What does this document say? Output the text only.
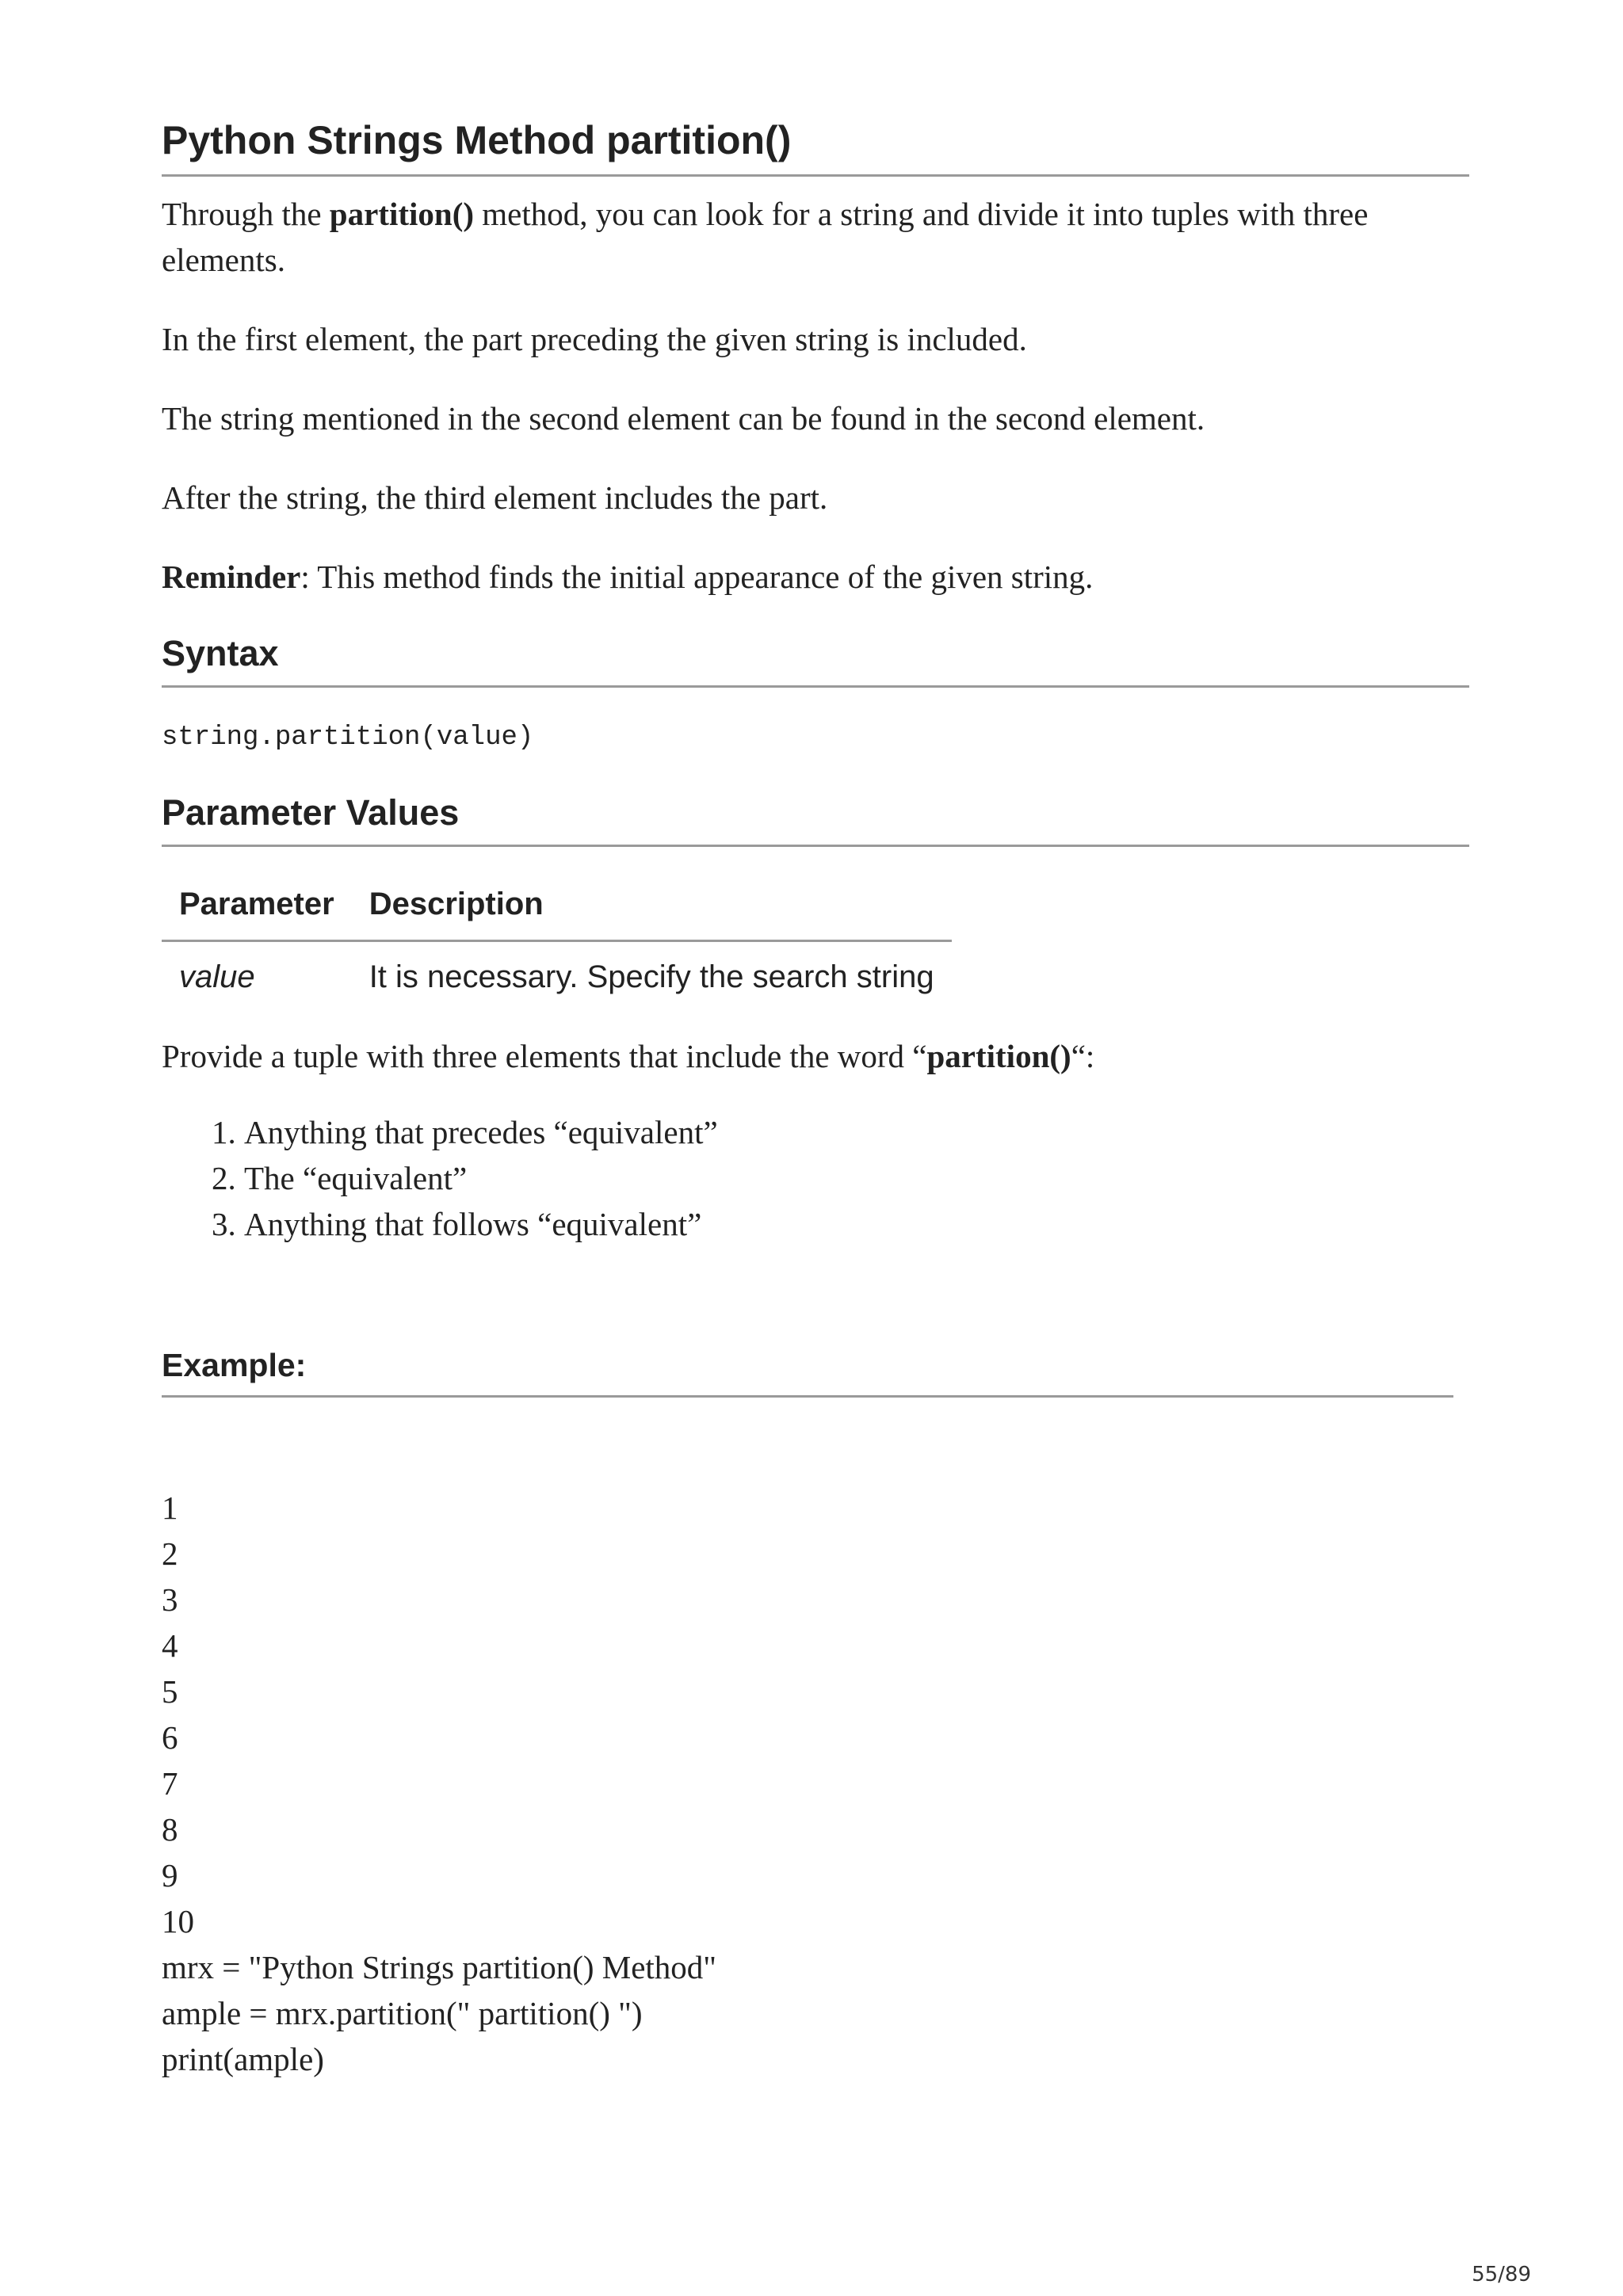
Python Strings Method partition()

Through the partition() method, you can look for a string and divide it into tuples with three elements.

In the first element, the part preceding the given string is included.

The string mentioned in the second element can be found in the second element.

After the string, the third element includes the part.

Reminder: This method finds the initial appearance of the given string.

Syntax

string.partition(value)

Parameter Values
Parameter	Description
value	It is necessary. Specify the search string

Provide a tuple with three elements that include the word “partition()“:

1. Anything that precedes “equivalent”
2. The “equivalent”
3. Anything that follows “equivalent”
Example:

1

2

3

4

5

6

7

8

9

10

mrx = "Python Strings partition() Method"

ample = mrx.partition(" partition() ")

print(ample)

55/89
